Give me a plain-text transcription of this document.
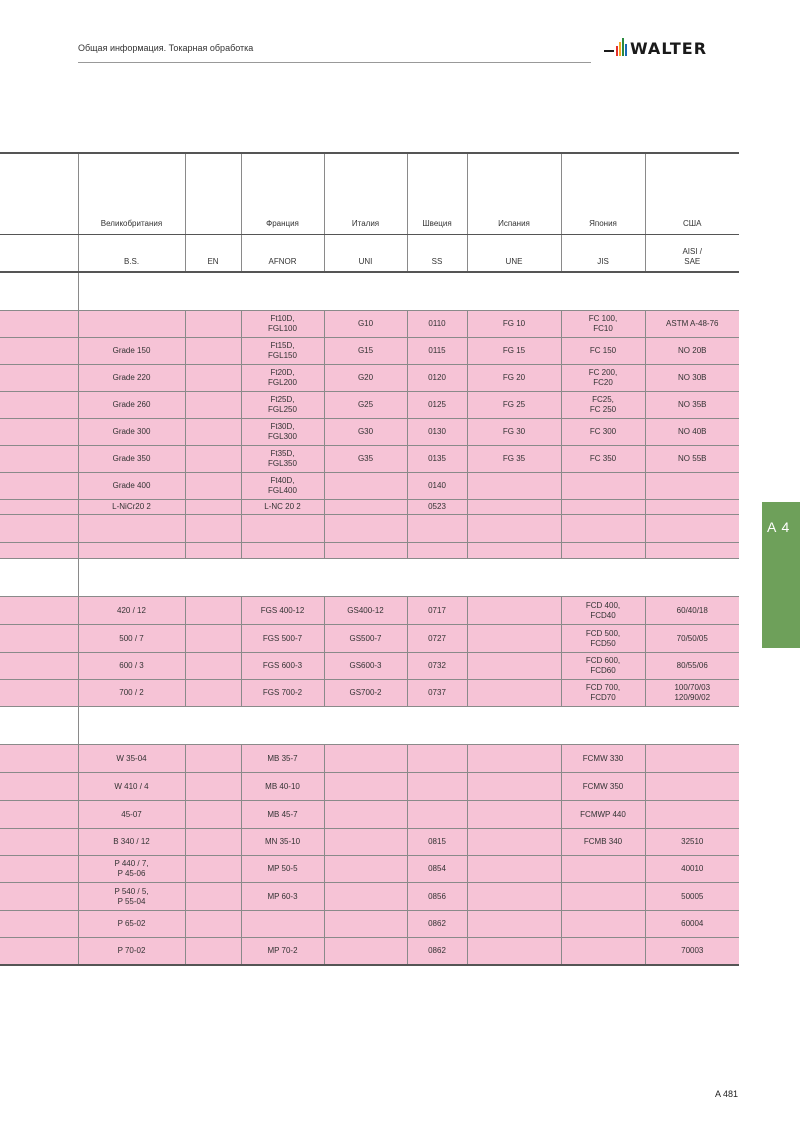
Общая информация. Токарная обработка	WALTER
	Великобритания		Франция	Италия	Швеция	Испания	Япония	США
	B.S.	EN	AFNOR	UNI	SS	UNE	JIS	AISI /
SAE

			Ft10D,
FGL100	G10	0110	FG 10	FC 100,
FC10	ASTM A-48-76
	Grade 150		Ft15D,
FGL150	G15	0115	FG 15	FC 150	NO 20B
	Grade 220		Ft20D,
FGL200	G20	0120	FG 20	FC 200,
FC20	NO 30B
	Grade 260		Ft25D,
FGL250	G25	0125	FG 25	FC25,
FC 250	NO 35B
	Grade 300		Ft30D,
FGL300	G30	0130	FG 30	FC 300	NO 40B
	Grade 350		Ft35D,
FGL350	G35	0135	FG 35	FC 350	NO 55B
	Grade 400		Ft40D,
FGL400		0140			
	L-NiCr20 2		L-NC 20 2		0523			

	420 / 12		FGS 400-12	GS400-12	0717		FCD 400,
FCD40	60/40/18
	500 / 7		FGS 500-7	GS500-7	0727		FCD 500,
FCD50	70/50/05
	600 / 3		FGS 600-3	GS600-3	0732		FCD 600,
FCD60	80/55/06
	700 / 2		FGS 700-2	GS700-2	0737		FCD 700,
FCD70	100/70/03
120/90/02

	W 35-04		MB 35-7				FCMW 330	
	W 410 / 4		MB 40-10				FCMW 350	
	45-07		MB 45-7				FCMWP 440	
	B 340 / 12		MN 35-10		0815		FCMB 340	32510
	P 440 / 7,
P 45-06		MP 50-5		0854			40010
	P 540 / 5,
P 55-04		MP 60-3		0856			50005
	P 65-02				0862			60004
	P 70-02		MP 70-2		0862			70003
A 4
A 481
